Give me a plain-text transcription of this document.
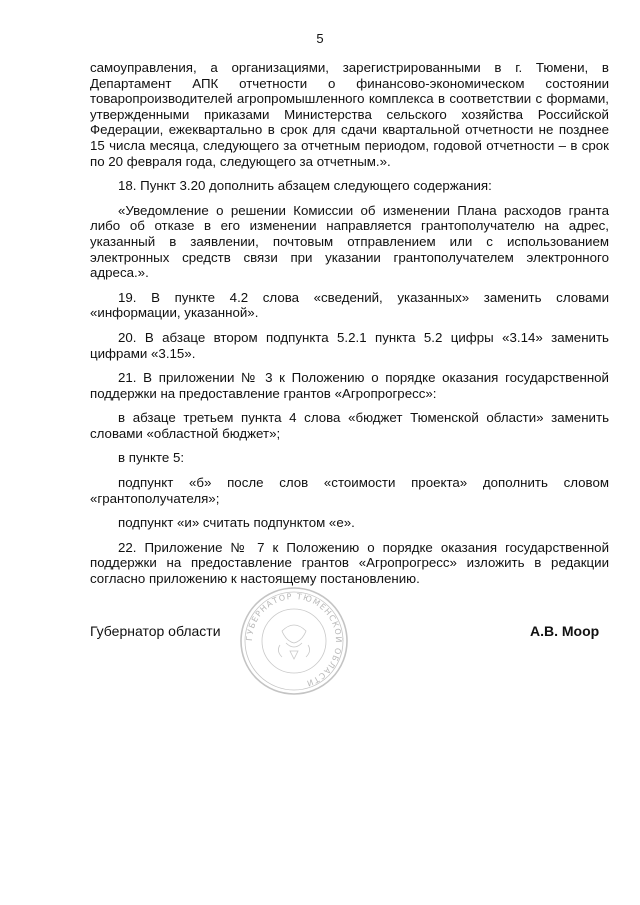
5

самоуправления, а организациями, зарегистрированными в г. Тюмени, в Департамент АПК отчетности о финансово-экономическом состоянии товаропроизводителей агропромышленного комплекса в соответствии с формами, утвержденными приказами Министерства сельского хозяйства Российской Федерации, ежеквартально в срок для сдачи квартальной отчетности не позднее 15 числа месяца, следующего за отчетным периодом, годовой отчетности – в срок по 20 февраля года, следующего за отчетным.».

18. Пункт 3.20 дополнить абзацем следующего содержания:

«Уведомление о решении Комиссии об изменении Плана расходов гранта либо об отказе в его изменении направляется грантополучателю на адрес, указанный в заявлении, почтовым отправлением или с использованием электронных средств связи при указании грантополучателем электронного адреса.».

19. В пункте 4.2 слова «сведений, указанных» заменить словами «информации, указанной».

20. В абзаце втором подпункта 5.2.1 пункта 5.2 цифры «3.14» заменить цифрами «3.15».

21. В приложении № 3 к Положению о порядке оказания государственной поддержки на предоставление грантов «Агропрогресс»:

в абзаце третьем пункта 4 слова «бюджет Тюменской области» заменить словами «областной бюджет»;

в пункте 5:

подпункт «б» после слов «стоимости проекта» дополнить словом «грантополучателя»;

подпункт «и» считать подпунктом «е».

22. Приложение № 7 к Положению о порядке оказания государственной поддержки на предоставление грантов «Агропрогресс» изложить в редакции согласно приложению к настоящему постановлению.

ГУБЕРНАТОР ТЮМЕНСКОЙ ОБЛАСТИ
Губернатор области	А.В. Моор
